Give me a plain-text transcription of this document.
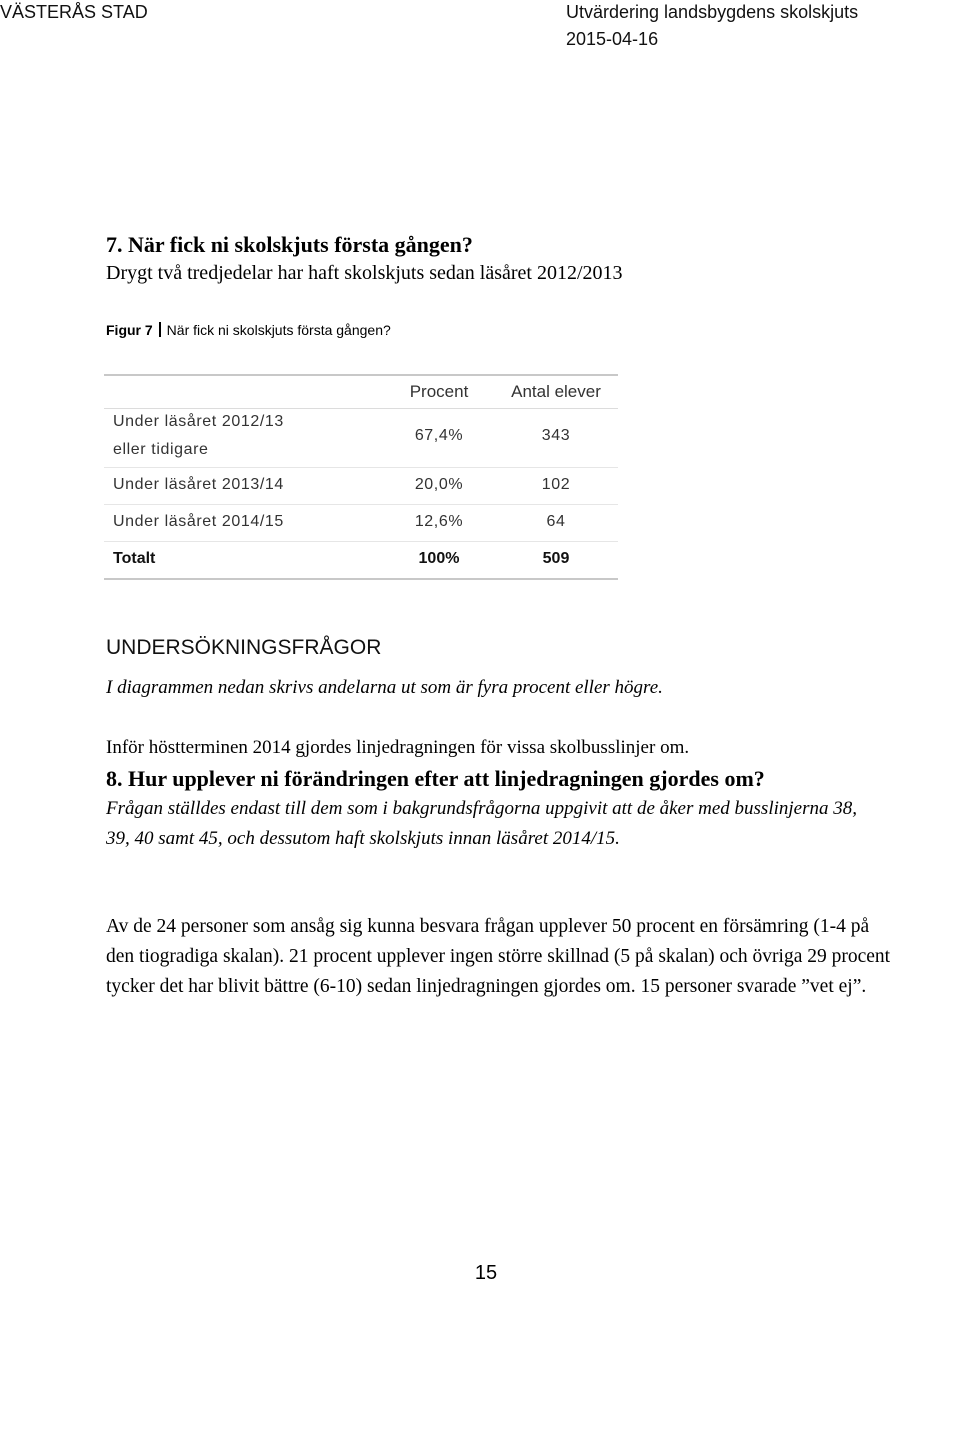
VÄSTERÅS STAD	Utvärdering landsbygdens skolskjuts
2015-04-16
7. När fick ni skolskjuts första gången?
Drygt två tredjedelar har haft skolskjuts sedan läsåret 2012/2013
Figur 7 När fick ni skolskjuts första gången?
Procent	Antal elever
Under läsåret 2012/13
eller tidigare
67,4%	343
Under läsåret 2013/14	20,0%	102
Under läsåret 2014/15	12,6%	64
Totalt	100%	509
UNDERSÖKNINGSFRÅGOR
I diagrammen nedan skrivs andelarna ut som är fyra procent eller högre.
Inför höstterminen 2014 gjordes linjedragningen för vissa skolbusslinjer om.
8. Hur upplever ni förändringen efter att linjedragningen gjordes om?
Frågan ställdes endast till dem som i bakgrundsfrågorna uppgivit att de åker med busslinjerna 38, 39, 40 samt 45, och dessutom haft skolskjuts innan läsåret 2014/15.
Av de 24 personer som ansåg sig kunna besvara frågan upplever 50 procent en försämring (1-4 på den tiogradiga skalan). 21 procent upplever ingen större skillnad (5 på skalan) och övriga 29 procent tycker det har blivit bättre (6-10) sedan linjedragningen gjordes om. 15 personer svarade ”vet ej”.
15
